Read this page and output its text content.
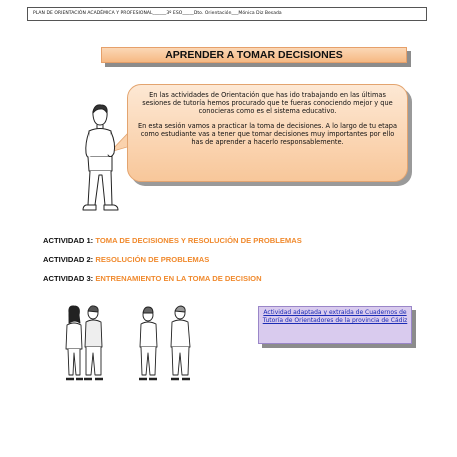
PLAN DE ORIENTACIÓN ACADÉMICA Y PROFESIONAL______3º ESO_____Dto. Orientación___Mónica Diz Besada
APRENDER A TOMAR DECISIONES

En las actividades de Orientación que has ido trabajando en las últimas sesiones de tutoría hemos procurado que te fueras conociendo mejor y que conocieras como es el sistema educativo.

En esta sesión vamos a practicar la toma de decisiones. A lo largo de tu etapa como estudiante vas a tener que tomar decisiones muy importantes por ello has de aprender a hacerlo responsablemente.

ACTIVIDAD 1: TOMA DE DECISIONES Y RESOLUCIÓN DE PROBLEMAS
ACTIVIDAD 2: RESOLUCIÓN DE PROBLEMAS
ACTIVIDAD 3: ENTRENAMIENTO EN LA TOMA DE DECISION
Actividad adaptada y extraída de Cuadernos de Tutoría de Orientadores de la provincia de Cádiz
